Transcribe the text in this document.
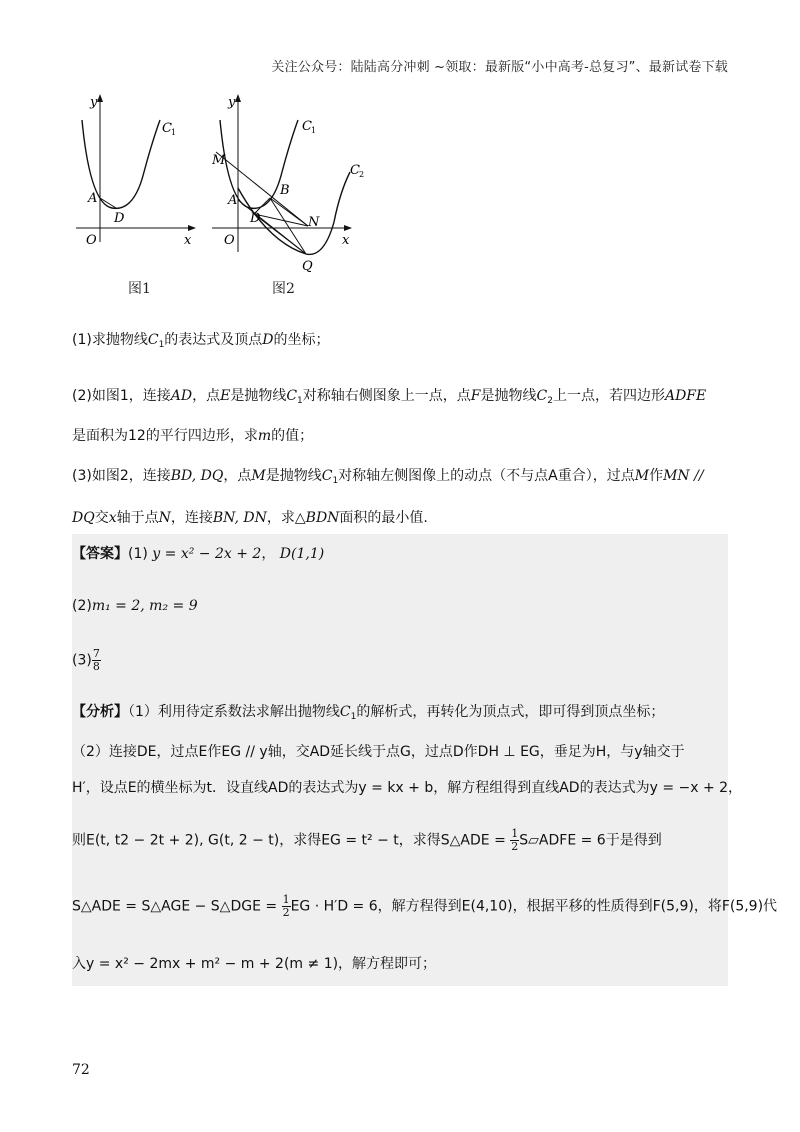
关注公众号：陆陆高分冲刺 ~领取：最新版“小中高考-总复习”、最新试卷下载
y
x
O
A
D
C 1
图1
y
x
O
A
D
M
B
N
Q
C 1
C 2
图2
(1)求抛物线$C_1$的表达式及顶点D的坐标；
(2)如图1，连接AD，点E是抛物线$C_1$对称轴右侧图象上一点，点F是抛物线$C_2$上一点，若四边形ADFE
是面积为12的平行四边形，求m的值；
(3)如图2，连接BD, DQ，点M是抛物线$C_1$对称轴左侧图像上的动点（不与点A重合），过点M作MN //
DQ交x轴于点N，连接BN, DN，求△BDN面积的最小值.
【答案】(1) y = x² − 2x + 2， D(1,1)
(2)m₁ = 2, m₂ = 9
$(3) \frac{7}{8}$
【分析】（1）利用待定系数法求解出抛物线$C_1$的解析式，再转化为顶点式，即可得到顶点坐标；
（2）连接DE，过点E作EG // y轴，交AD延长线于点G，过点D作DH ⊥ EG，垂足为H，与y轴交于
H′，设点E的横坐标为t．设直线AD的表达式为y = kx + b，解方程组得到直线AD的表达式为y = −x + 2，
则E(t, t2 − 2t + 2), G(t, 2 − t)，求得EG = t² − t，求得S△ADE = $\frac{1}{2}$ S▱ADFE = 6于是得到
S△ADE = S△AGE − S△DGE = $\frac{1}{2}$ EG · H′D = 6，解方程得到E(4,10)，根据平移的性质得到F(5,9)，将F(5,9)代
入y = x² − 2mx + m² − m + 2(m ≠ 1)，解方程即可；
72
